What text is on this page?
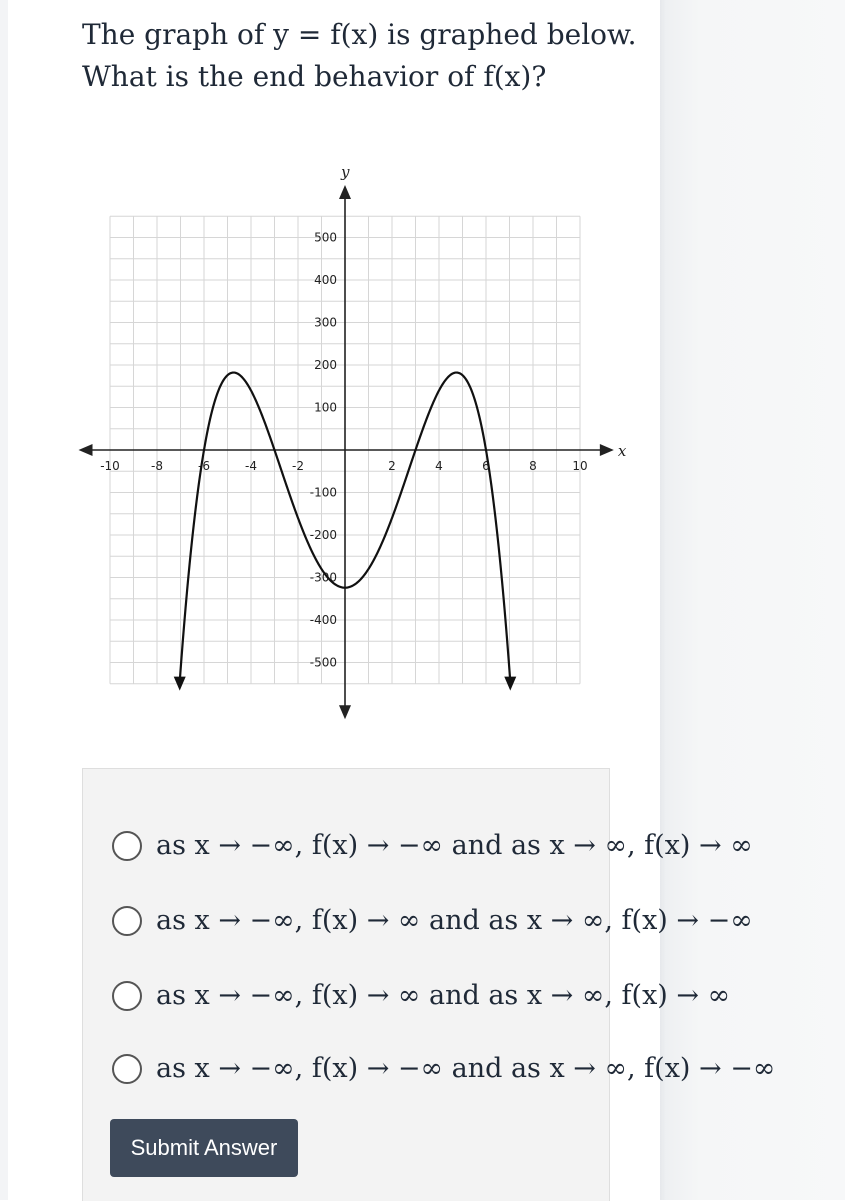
The graph of y = f(x) is graphed below.
What is the end behavior of f(x)?
x
y
-10	-8	-6	-4	-2	2	4	6	8	10
500
400
300
200
100
-100
-200
-300
-400
-500
as x → −∞, f(x) → −∞ and as x → ∞, f(x) → ∞
as x → −∞, f(x) → ∞ and as x → ∞, f(x) → −∞
as x → −∞, f(x) → ∞ and as x → ∞, f(x) → ∞
as x → −∞, f(x) → −∞ and as x → ∞, f(x) → −∞
Submit Answer
